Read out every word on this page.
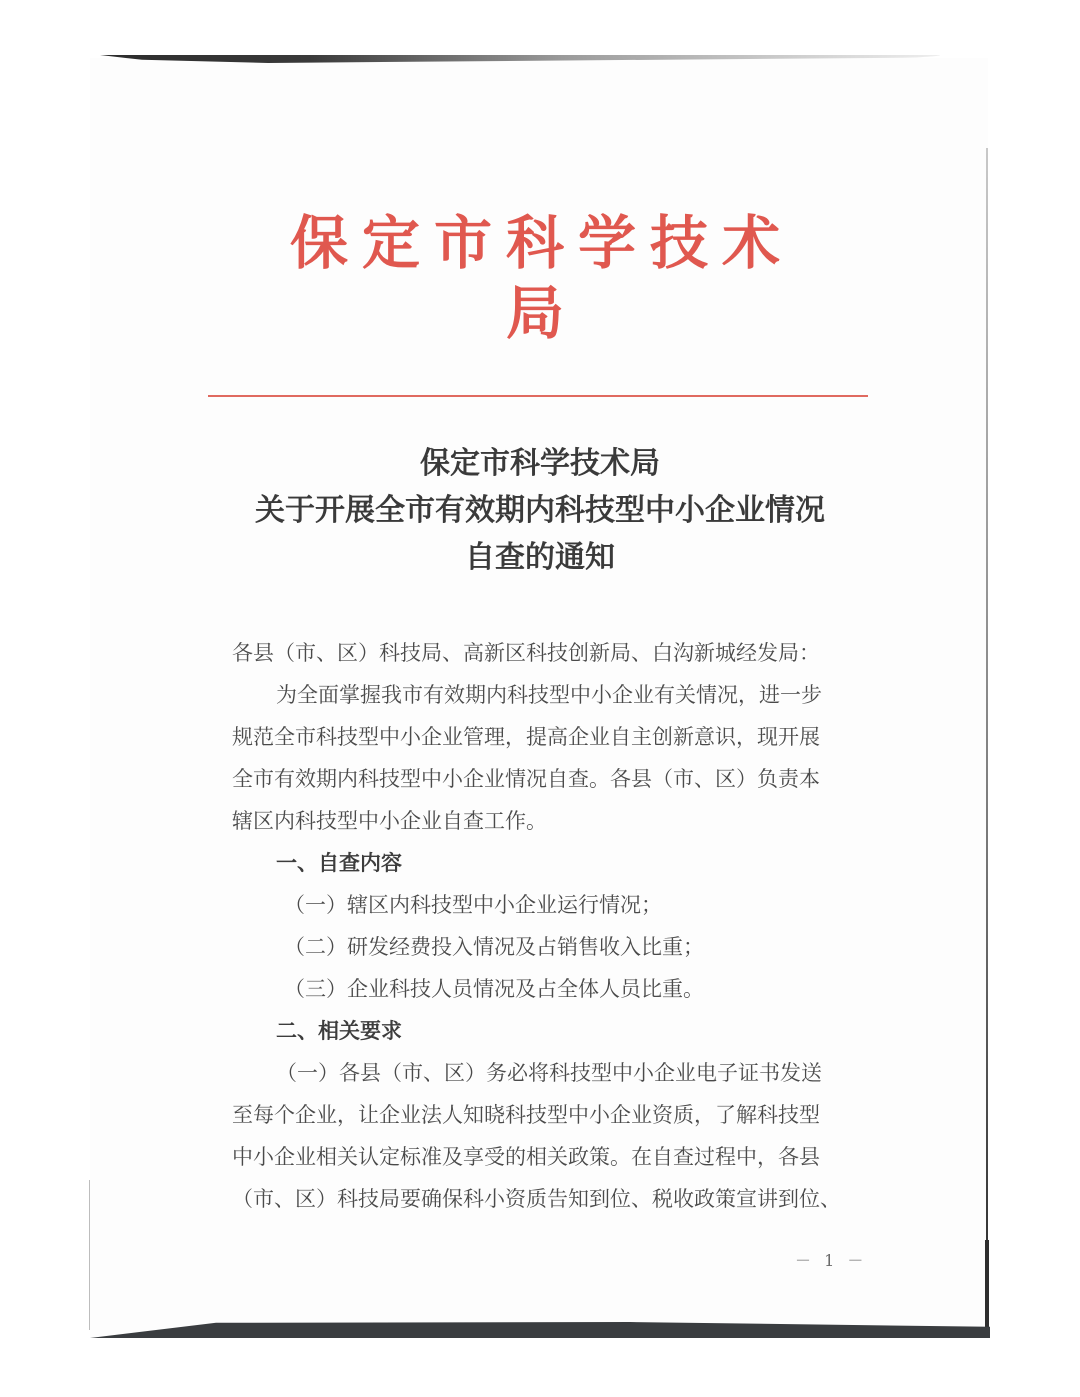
保定市科学技术局
保定市科学技术局
关于开展全市有效期内科技型中小企业情况
自查的通知

各县（市、区）科技局、高新区科技创新局、白沟新城经发局：

为全面掌握我市有效期内科技型中小企业有关情况，进一步

规范全市科技型中小企业管理，提高企业自主创新意识，现开展

全市有效期内科技型中小企业情况自查。各县（市、区）负责本

辖区内科技型中小企业自查工作。

一、自查内容

（一）辖区内科技型中小企业运行情况；

（二）研发经费投入情况及占销售收入比重；

（三）企业科技人员情况及占全体人员比重。

二、相关要求

（一）各县（市、区）务必将科技型中小企业电子证书发送

至每个企业，让企业法人知晓科技型中小企业资质，了解科技型

中小企业相关认定标准及享受的相关政策。在自查过程中，各县

（市、区）科技局要确保科小资质告知到位、税收政策宣讲到位、

－ 1 －
